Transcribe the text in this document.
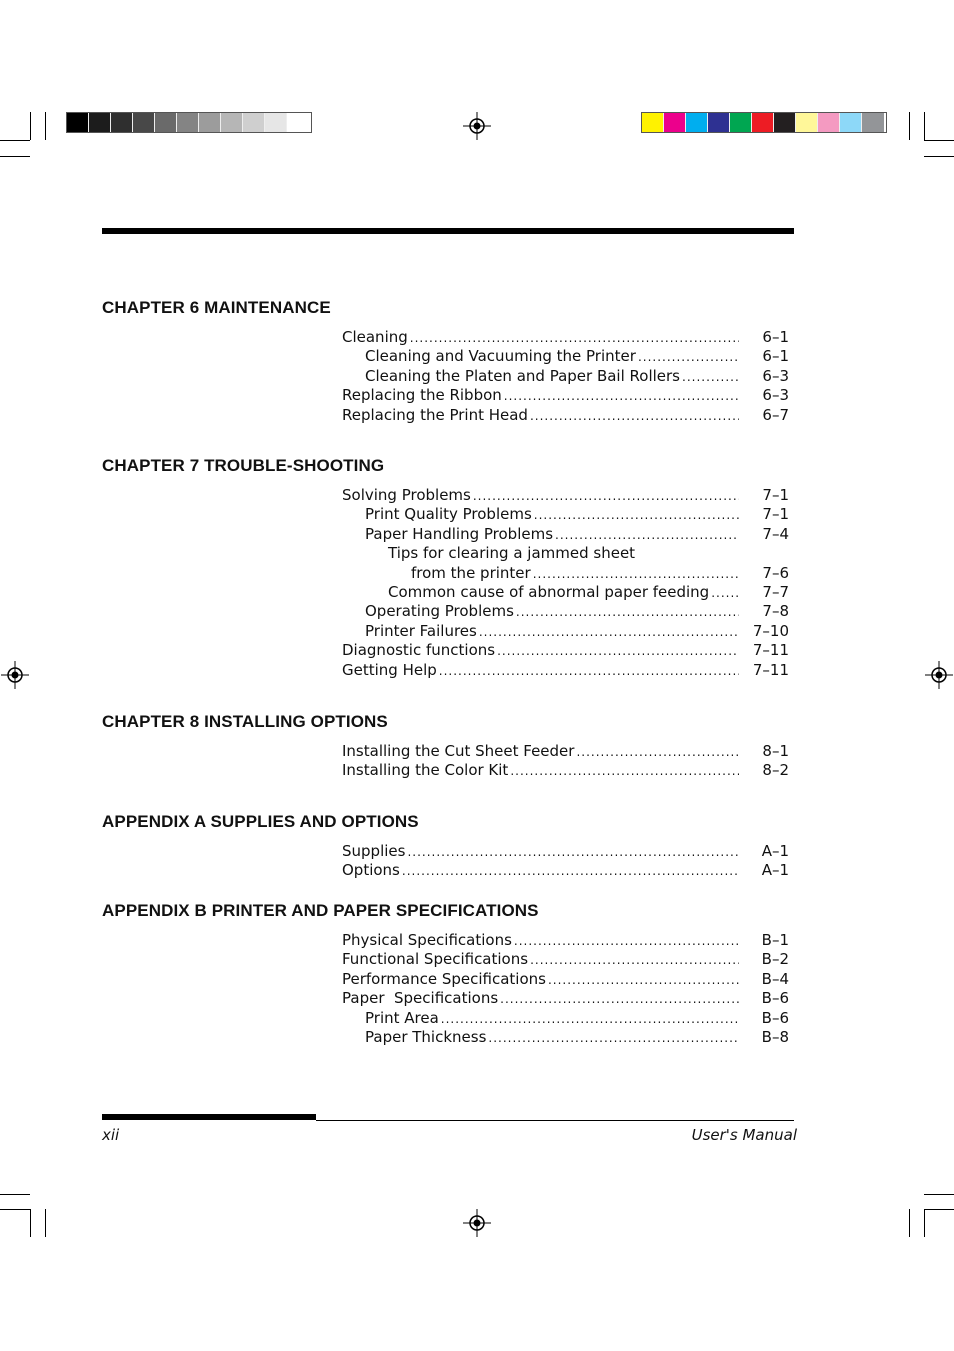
CHAPTER 6 MAINTENANCE
Cleaning .....	6–1
Cleaning and Vacuuming the Printer .....	6–1
Cleaning the Platen and Paper Bail Rollers .....	6–3
Replacing the Ribbon .....	6–3
Replacing the Print Head .....	6–7
CHAPTER 7 TROUBLE-SHOOTING
Solving Problems .....	7–1
Print Quality Problems .....	7–1
Paper Handling Problems .....	7–4
Tips for clearing a jammed sheet
from the printer .....	7–6
Common cause of abnormal paper feeding .....	7–7
Operating Problems .....	7–8
Printer Failures .....	7–10
Diagnostic functions .....	7–11
Getting Help .....	7–11
CHAPTER 8 INSTALLING OPTIONS
Installing the Cut Sheet Feeder .....	8–1
Installing the Color Kit .....	8–2
APPENDIX A SUPPLIES AND OPTIONS
Supplies .....	A–1
Options .....	A–1
APPENDIX B PRINTER AND PAPER SPECIFICATIONS
Physical Specifications .....	B–1
Functional Specifications .....	B–2
Performance Specifications .....	B–4
Paper  Specifications .....	B–6
Print Area .....	B–6
Paper Thickness .....	B–8
xii	User's Manual
